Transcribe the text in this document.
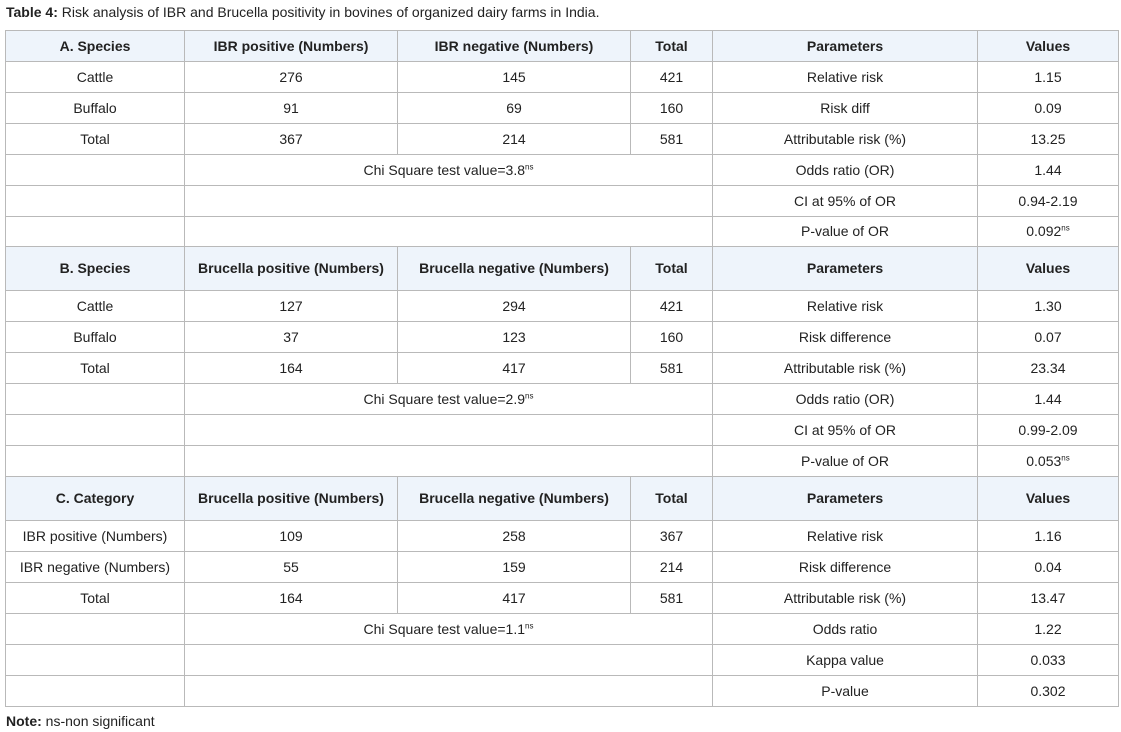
Table 4: Risk analysis of IBR and Brucella positivity in bovines of organized dairy farms in India.
A. Species	IBR positive (Numbers)	IBR negative (Numbers)	Total	Parameters	Values
Cattle	276	145	421	Relative risk	1.15
Buffalo	91	69	160	Risk diff	0.09
Total	367	214	581	Attributable risk (%)	13.25
	Chi Square test $value=3.8^{ns}$			Odds ratio (OR)	1.44
				CI at 95% of OR	0.94-2.19
				P-value of OR	$0.092^{ns}$
B. Species	Brucella positive (Numbers)	Brucella negative (Numbers)	Total	Parameters	Values
Cattle	127	294	421	Relative risk	1.30
Buffalo	37	123	160	Risk difference	0.07
Total	164	417	581	Attributable risk (%)	23.34
	Chi Square test $value=2.9^{ns}$			Odds ratio (OR)	1.44
				CI at 95% of OR	0.99-2.09
				P-value of OR	$0.053^{ns}$
C. Category	Brucella positive (Numbers)	Brucella negative (Numbers)	Total	Parameters	Values
IBR positive (Numbers)	109	258	367	Relative risk	1.16
IBR negative (Numbers)	55	159	214	Risk difference	0.04
Total	164	417	581	Attributable risk (%)	13.47
	Chi Square test $value=1.1^{ns}$			Odds ratio	1.22
				Kappa value	0.033
				P-value	0.302
Note: ns-non significant
